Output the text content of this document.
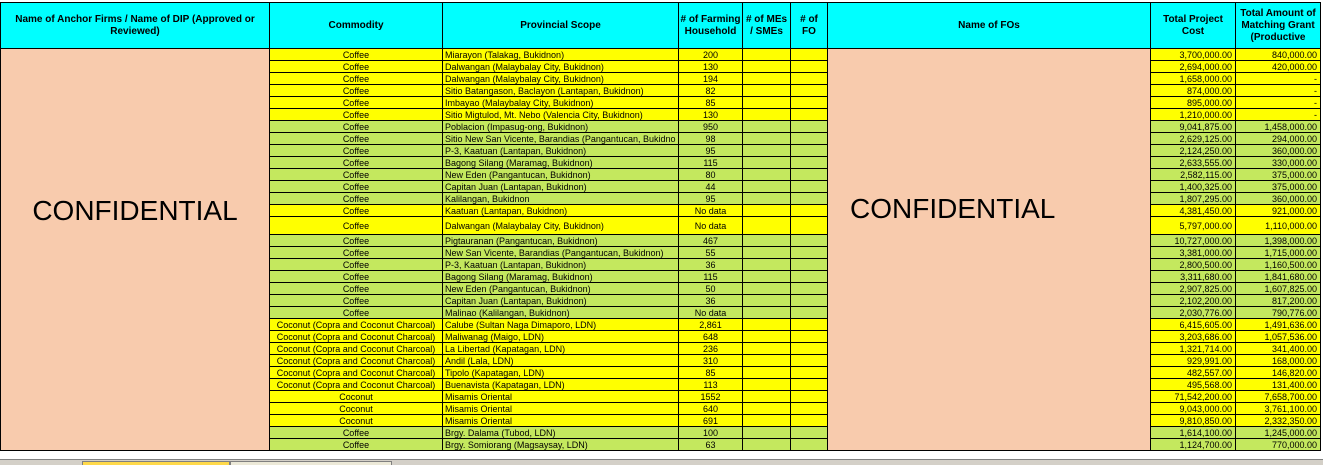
Name of Anchor Firms / Name of DIP (Approved or Reviewed)	Commodity	Provincial Scope	# of Farming Household	# of MEs / SMEs	# of FO	Name of FOs	Total Project Cost	Total Amount of Matching Grant (Productive

CONFIDENTIAL	Coffee	Miarayon (Talakag, Bukidnon)	200			CONFIDENTIAL	3,700,000.00	840,000.00
	Coffee	Dalwangan (Malaybalay City, Bukidnon)	130				2,694,000.00	420,000.00
	Coffee	Dalwangan (Malaybalay City, Bukidnon)	194				1,658,000.00	-
	Coffee	Sitio Batangason, Baclayon (Lantapan, Bukidnon)	82				874,000.00	-
	Coffee	Imbayao (Malaybalay City, Bukidnon)	85				895,000.00	-
	Coffee	Sitio Migtulod, Mt. Nebo (Valencia City, Bukidnon)	130				1,210,000.00	-
	Coffee	Poblacion (Impasug-ong, Bukidnon)	950				9,041,875.00	1,458,000.00
	Coffee	Sitio New San Vicente, Barandias (Pangantucan, Bukidno	98				2,629,125.00	294,000.00
	Coffee	P-3, Kaatuan (Lantapan, Bukidnon)	95				2,124,250.00	360,000.00
	Coffee	Bagong Silang (Maramag, Bukidnon)	115				2,633,555.00	330,000.00
	Coffee	New Eden (Pangantucan, Bukidnon)	80				2,582,115.00	375,000.00
	Coffee	Capitan Juan (Lantapan, Bukidnon)	44				1,400,325.00	375,000.00
	Coffee	Kalilangan, Bukidnon	95				1,807,295.00	360,000.00
	Coffee	Kaatuan (Lantapan, Bukidnon)	No data				4,381,450.00	921,000.00
	Coffee	Dalwangan (Malaybalay City, Bukidnon)	No data				5,797,000.00	1,110,000.00
	Coffee	Pigtauranan (Pangantucan, Bukidnon)	467				10,727,000.00	1,398,000.00
	Coffee	New San Vicente, Barandias (Pangantucan, Bukidnon)	55				3,381,000.00	1,715,000.00
	Coffee	P-3, Kaatuan (Lantapan, Bukidnon)	36				2,800,500.00	1,160,500.00
	Coffee	Bagong Silang (Maramag, Bukidnon)	115				3,311,680.00	1,841,680.00
	Coffee	New Eden (Pangantucan, Bukidnon)	50				2,907,825.00	1,607,825.00
	Coffee	Capitan Juan (Lantapan, Bukidnon)	36				2,102,200.00	817,200.00
	Coffee	Malinao (Kalilangan, Bukidnon)	No data				2,030,776.00	790,776.00
	Coconut (Copra and Coconut Charcoal)	Calube (Sultan Naga Dimaporo, LDN)	2,861				6,415,605.00	1,491,636.00
	Coconut (Copra and Coconut Charcoal)	Maliwanag (Maigo, LDN)	648				3,203,686.00	1,057,536.00
	Coconut (Copra and Coconut Charcoal)	La Libertad (Kapatagan, LDN)	236				1,321,714.00	341,400.00
	Coconut (Copra and Coconut Charcoal)	Andil (Lala, LDN)	310				929,991.00	168,000.00
	Coconut (Copra and Coconut Charcoal)	Tipolo (Kapatagan, LDN)	85				482,557.00	146,820.00
	Coconut (Copra and Coconut Charcoal)	Buenavista (Kapatagan, LDN)	113				495,568.00	131,400.00
	Coconut	Misamis Oriental	1552				71,542,200.00	7,658,700.00
	Coconut	Misamis Oriental	640				9,043,000.00	3,761,100.00
	Coconut	Misamis Oriental	691				9,810,850.00	2,332,350.00
	Coffee	Brgy. Dalama (Tubod, LDN)	100				1,614,100.00	1,245,000.00
	Coffee	Brgy. Somiorang (Magsaysay, LDN)	63				1,124,700.00	770,000.00
